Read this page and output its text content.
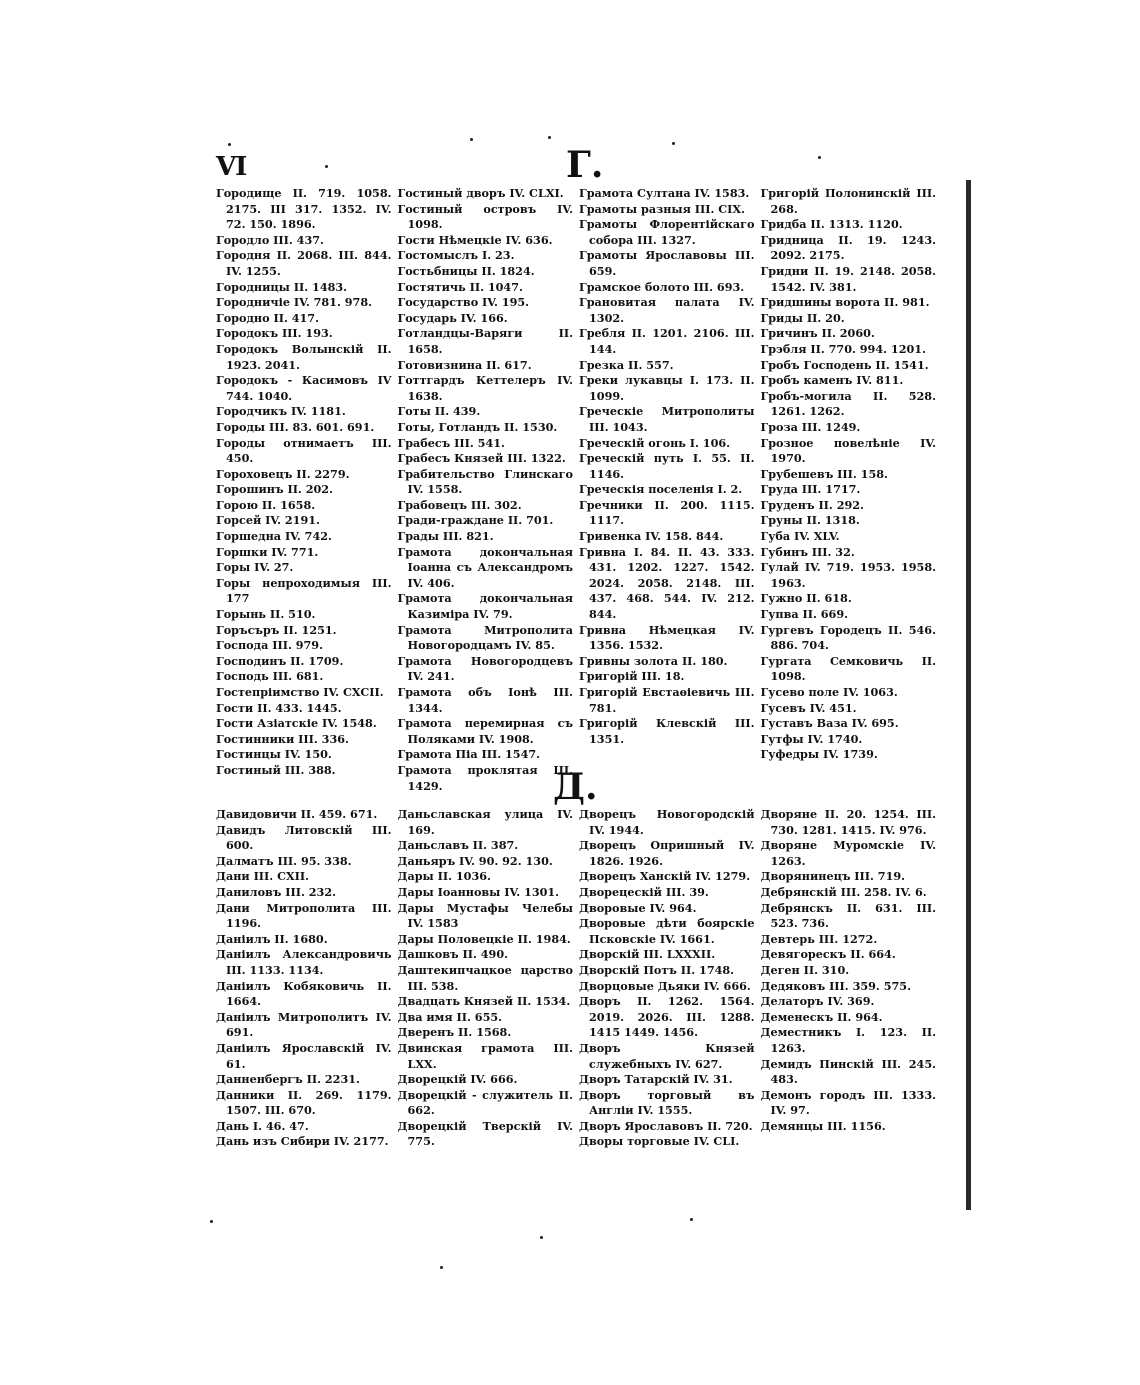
VI	Г.
Городище II. 719. 1058. 2175. III 317. 1352. IV. 72. 150. 1896.
Городло III. 437.
Городня II. 2068. III. 844. IV. 1255.
Городницы II. 1483.
Городничіе IV. 781. 978.
Городно II. 417.
Городокъ III. 193.
Городокъ Волынскій II. 1923. 2041.
Городокъ - Касимовъ IV 744. 1040.
Городчикъ IV. 1181.
Городы III. 83. 601. 691.
Городы отнимаетъ III. 450.
Гороховецъ II. 2279.
Горошинъ II. 202.
Горою II. 1658.
Горсей IV. 2191.
Горшедна IV. 742.
Горшки IV. 771.
Горы IV. 27.
Горы непроходимыя III. 177
Горынь II. 510.
Горъсъръ II. 1251.
Господа III. 979.
Господинъ II. 1709.
Господь III. 681.
Гостепріимство IV. CXCII.
Гости II. 433. 1445.
Гости Азіатскіе IV. 1548.
Гостинники III. 336.
Гостинцы IV. 150.
Гостиный III. 388.
Гостиный дворъ IV. CLXI.
Гостиный островъ IV. 1098.
Гости Нѣмецкіе IV. 636.
Гостомыслъ I. 23.
Гостьбницы II. 1824.
Гостятичь II. 1047.
Государство IV. 195.
Государь IV. 166.
Готландцы-Варяги II. 1658.
Готовизнина II. 617.
Готтгардъ Кеттелеръ IV. 1638.
Готы II. 439.
Готы, Готландъ II. 1530.
Грабесъ III. 541.
Грабесъ Князей III. 1322.
Грабительство Глинскаго IV. 1558.
Грабовецъ III. 302.
Гради-граждане II. 701.
Грады III. 821.
Грамота докончальная Іоанна съ Александромъ IV. 406.
Грамота докончальная Казиміра IV. 79.
Грамота Митрополита Новогородцамъ IV. 85.
Грамота Новогородцевъ IV. 241.
Грамота объ Іонѣ III. 1344.
Грамота перемирная съ Поляками IV. 1908.
Грамота Піа III. 1547.
Грамота проклятая III. 1429.
Грамота Султана IV. 1583.
Грамоты разныя III. CIX.
Грамоты Флорентійскаго собора III. 1327.
Грамоты Ярославовы III. 659.
Грамское болото III. 693.
Грановитая палата IV. 1302.
Гребля II. 1201. 2106. III. 144.
Грезка II. 557.
Греки лукавцы I. 173. II. 1099.
Греческіе Митрополиты III. 1043.
Греческій огонь I. 106.
Греческій путь I. 55. II. 1146.
Греческія поселенія I. 2.
Гречники II. 200. 1115. 1117.
Гривенка IV. 158. 844.
Гривна I. 84. II. 43. 333. 431. 1202. 1227. 1542. 2024. 2058. 2148. III. 437. 468. 544. IV. 212. 844.
Гривна Нѣмецкая IV. 1356. 1532.
Гривны золота II. 180.
Григорій III. 18.
Григорій Евстаѳіевичь III. 781.
Григорій Клевскій III. 1351.
Григорій Полонинскій III. 268.
Гридба II. 1313. 1120.
Гридница II. 19. 1243. 2092. 2175.
Гридни II. 19. 2148. 2058. 1542. IV. 381.
Гридшины ворота II. 981.
Гриды II. 20.
Гричинъ II. 2060.
Грэбля II. 770. 994. 1201.
Гробъ Господень II. 1541.
Гробъ каменъ IV. 811.
Гробъ-могила II. 528. 1261. 1262.
Гроза III. 1249.
Грозное повелѣніе IV. 1970.
Грубешевъ III. 158.
Груда III. 1717.
Груденъ II. 292.
Груны II. 1318.
Губа IV. XLV.
Губинъ III. 32.
Гулай IV. 719. 1953. 1958. 1963.
Гужно II. 618.
Гупва II. 669.
Гургевъ Городецъ II. 546. 886. 704.
Гургата Семковичь II. 1098.
Гусево поле IV. 1063.
Гусевъ IV. 451.
Густавъ Ваза IV. 695.
Гутфы IV. 1740.
Гуфедры IV. 1739.
Д.
Давидовичи II. 459. 671.
Давидъ Литовскій III. 600.
Далматъ III. 95. 338.
Дани III. CXII.
Даниловъ III. 232.
Дани Митрополита III. 1196.
Даніилъ II. 1680.
Даніилъ Александровичь III. 1133. 1134.
Даніилъ Кобяковичь II. 1664.
Даніилъ Митрополитъ IV. 691.
Даніилъ Ярославскій IV. 61.
Данненбергъ II. 2231.
Данники II. 269. 1179. 1507. III. 670.
Дань I. 46. 47.
Дань изъ Сибири IV. 2177.
Даньславская улица IV. 169.
Даньславъ II. 387.
Даньяръ IV. 90. 92. 130.
Дары II. 1036.
Дары Іоанновы IV. 1301.
Дары Мустафы Челебы IV. 1583
Дары Половецкіе II. 1984.
Дашковъ II. 490.
Даштекипчацкое царство III. 538.
Двадцать Князей II. 1534.
Два имя II. 655.
Дверенъ II. 1568.
Двинская грамота III. LXX.
Дворецкій IV. 666.
Дворецкій - служитель II. 662.
Дворецкій Тверскій IV. 775.
Дворецъ Новогородскій IV. 1944.
Дворецъ Опришный IV. 1826. 1926.
Дворецъ Ханскій IV. 1279.
Дворецескій III. 39.
Дворовые IV. 964.
Дворовые дѣти боярскіе Псковскіе IV. 1661.
Дворскій III. LXXXII.
Дворскій Потъ II. 1748.
Дворцовые Дьяки IV. 666.
Дворъ II. 1262. 1564. 2019. 2026. III. 1288. 1415 1449. 1456.
Дворъ Князей служебныхъ IV. 627.
Дворъ Татарскій IV. 31.
Дворъ торговый въ Англіи IV. 1555.
Дворъ Ярославовъ II. 720.
Дворы торговые IV. CLI.
Дворяне II. 20. 1254. III. 730. 1281. 1415. IV. 976.
Дворяне Муромскіе IV. 1263.
Дворянинецъ III. 719.
Дебрянскій III. 258. IV. 6.
Дебрянскъ II. 631. III. 523. 736.
Девтерь III. 1272.
Девягорескъ II. 664.
Деген II. 310.
Дедяковъ III. 359. 575.
Делаторъ IV. 369.
Деменескъ II. 964.
Деместникъ I. 123. II. 1263.
Демидъ Пинскій III. 245. 483.
Демонъ городъ III. 1333. IV. 97.
Демянцы III. 1156.
